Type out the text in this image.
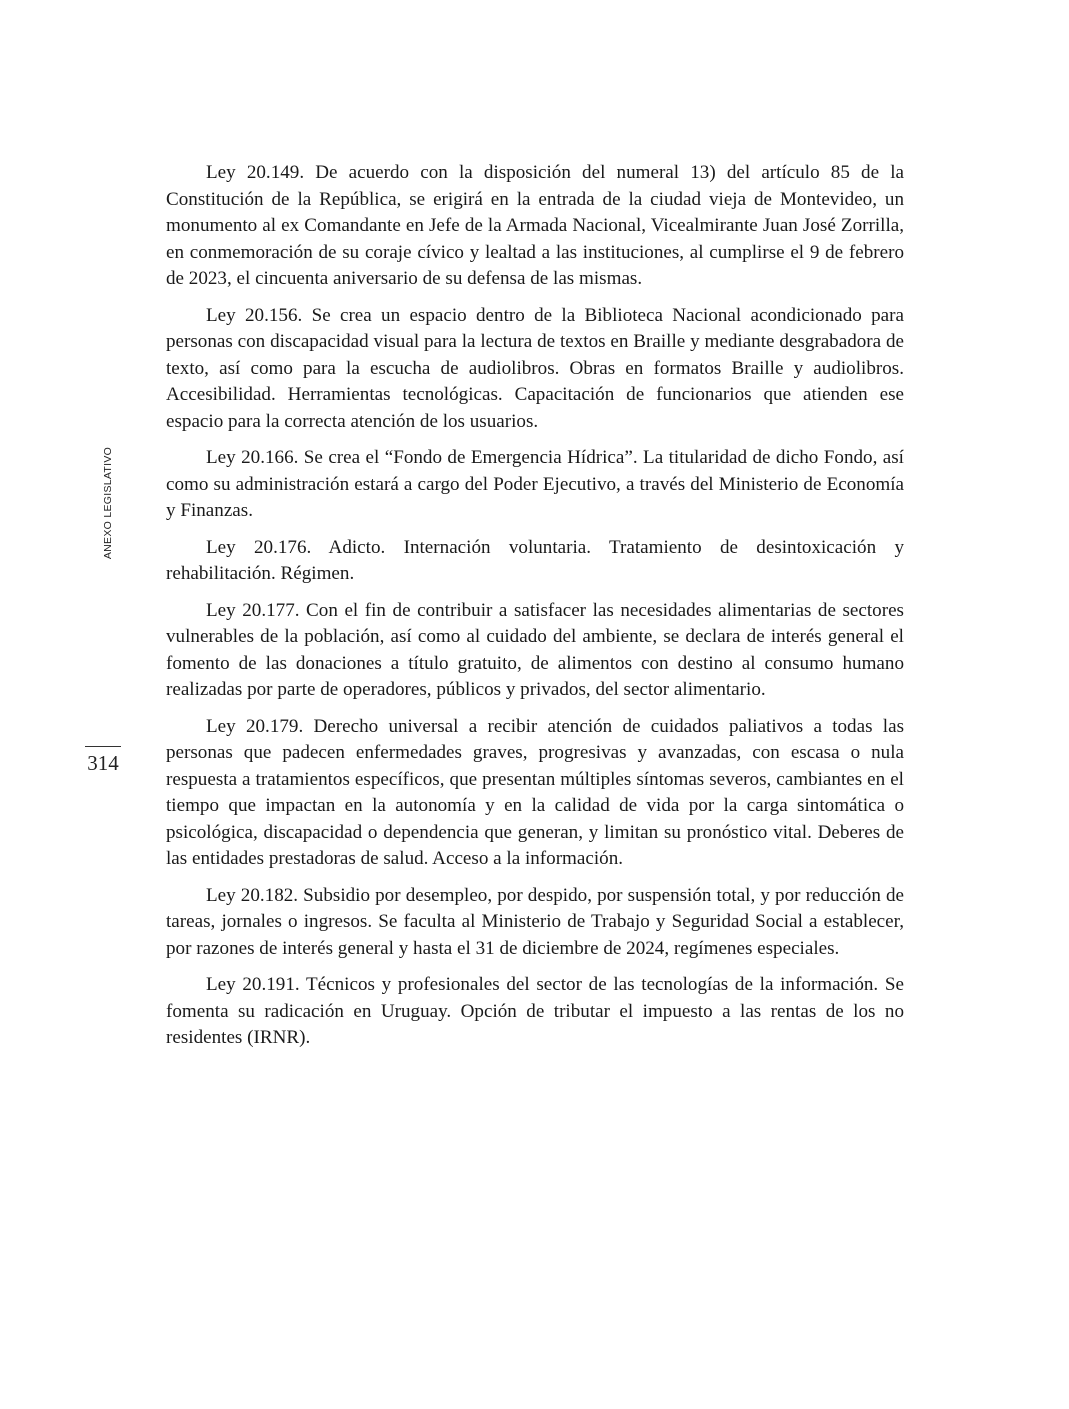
ANEXO LEGISLATIVO
314

Ley 20.149. De acuerdo con la disposición del numeral 13) del artículo 85 de la Constitución de la República, se erigirá en la entrada de la ciudad vieja de Montevideo, un monumento al ex Comandante en Jefe de la Armada Nacional, Vicealmirante Juan José Zorrilla, en conmemoración de su coraje cívico y lealtad a las instituciones, al cumplirse el 9 de febrero de 2023, el cincuenta aniversario de su defensa de las mismas.

Ley 20.156. Se crea un espacio dentro de la Biblioteca Nacional acondicionado para personas con discapacidad visual para la lectura de textos en Braille y mediante desgrabadora de texto, así como para la escucha de audiolibros. Obras en formatos Braille y audiolibros. Accesibilidad. Herramientas tecnológicas. Capacitación de funcionarios que atienden ese espacio para la correcta atención de los usuarios.

Ley 20.166. Se crea el “Fondo de Emergencia Hídrica”. La titularidad de dicho Fondo, así como su administración estará a cargo del Poder Ejecutivo, a través del Ministerio de Economía y Finanzas.

Ley 20.176. Adicto. Internación voluntaria. Tratamiento de desintoxicación y rehabilitación. Régimen.

Ley 20.177. Con el fin de contribuir a satisfacer las necesidades alimentarias de sectores vulnerables de la población, así como al cuidado del ambiente, se declara de interés general el fomento de las donaciones a título gratuito, de alimentos con destino al consumo humano realizadas por parte de operadores, públicos y privados, del sector alimentario.

Ley 20.179. Derecho universal a recibir atención de cuidados paliativos a todas las personas que padecen enfermedades graves, progresivas y avanzadas, con escasa o nula respuesta a tratamientos específicos, que presentan múltiples síntomas severos, cambiantes en el tiempo que impactan en la autonomía y en la calidad de vida por la carga sintomática o psicológica, discapacidad o dependencia que generan, y limitan su pronóstico vital. Deberes de las entidades prestadoras de salud. Acceso a la información.

Ley 20.182. Subsidio por desempleo, por despido, por suspensión total, y por reducción de tareas, jornales o ingresos. Se faculta al Ministerio de Trabajo y Seguridad Social a establecer, por razones de interés general y hasta el 31 de diciembre de 2024, regímenes especiales.

Ley 20.191. Técnicos y profesionales del sector de las tecnologías de la información. Se fomenta su radicación en Uruguay. Opción de tributar el impuesto a las rentas de los no residentes (IRNR).
